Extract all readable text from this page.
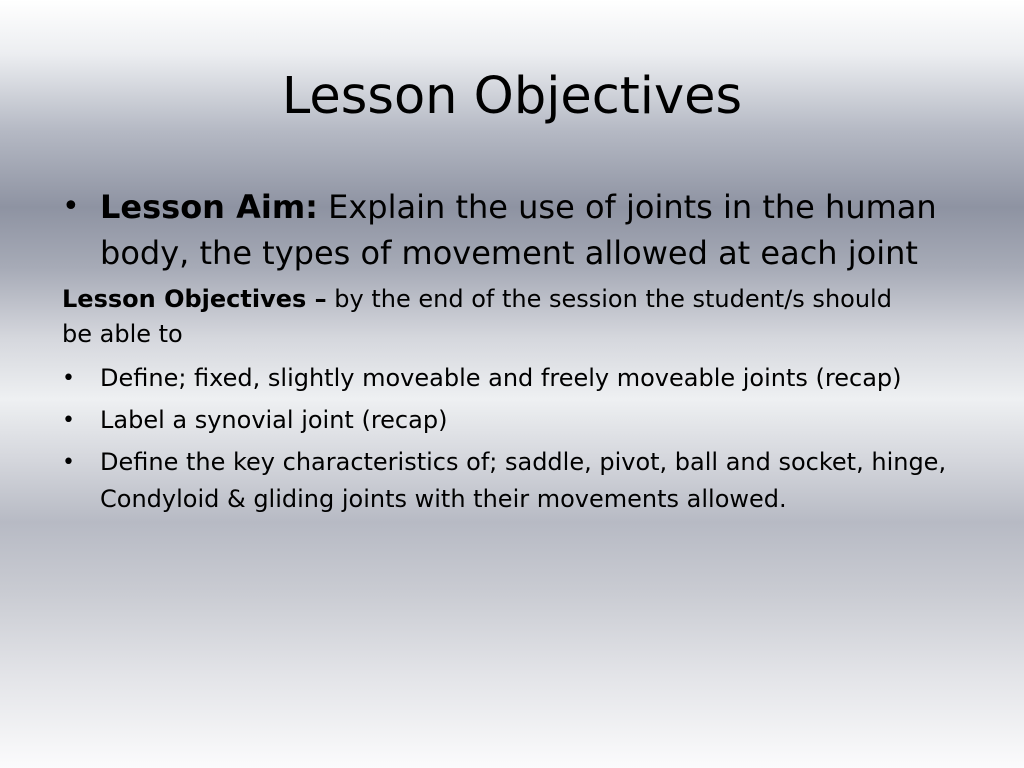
Lesson Objectives
• Lesson Aim: Explain the use of joints in the human body, the types of movement allowed at each joint
Lesson Objectives – by the end of the session the student/s should be able to
• Define; fixed, slightly moveable and freely moveable joints (recap)
• Label a synovial joint (recap)
• Define the key characteristics of; saddle, pivot, ball and socket, hinge, Condyloid & gliding joints with their movements allowed.
